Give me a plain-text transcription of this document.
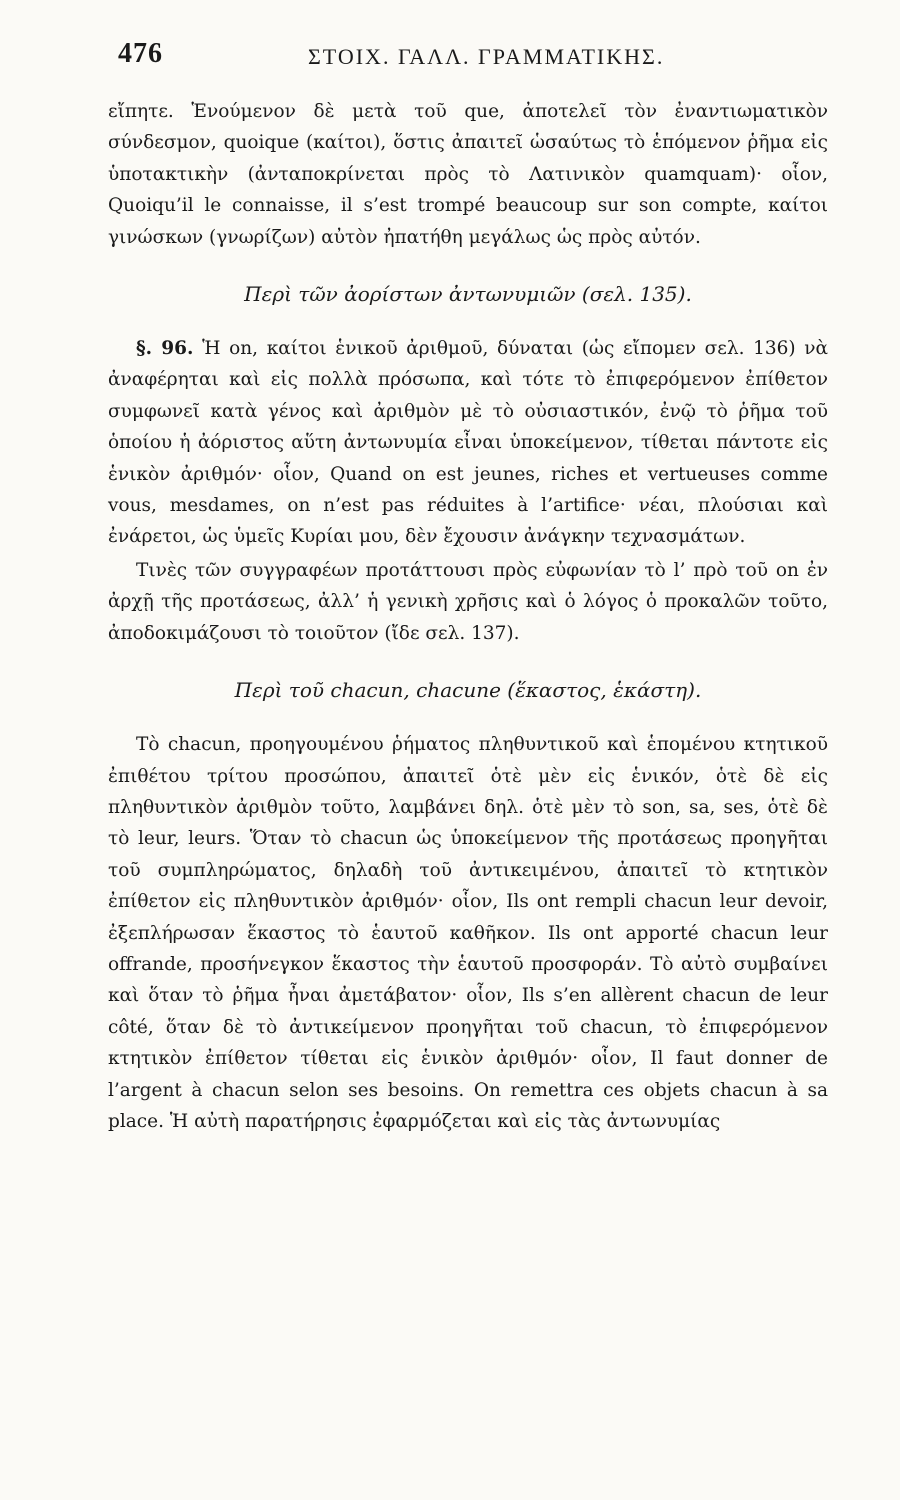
476	ΣΤΟΙΧ. ΓΑΛΛ. ΓΡΑΜΜΑΤΙΚΗΣ.

εἴπητε. Ἑνούμενον δὲ μετὰ τοῦ que, ἀποτελεῖ τὸν ἐναντιωματικὸν σύνδεσμον, quoique (καίτοι), ὅστις ἀπαιτεῖ ὡσαύτως τὸ ἑπόμενον ῥῆμα εἰς ὑποτακτικὴν (ἀνταποκρίνεται πρὸς τὸ Λατινικὸν quamquam)· οἷον, Quoiqu’il le connaisse, il s’est trompé beaucoup sur son compte, καίτοι γινώσκων (γνωρίζων) αὐτὸν ἠπατήθη μεγάλως ὡς πρὸς αὐτόν.

Περὶ τῶν ἀορίστων ἀντωνυμιῶν (σελ. 135).

§. 96. Ἡ on, καίτοι ἑνικοῦ ἀριθμοῦ, δύναται (ὡς εἴπομεν σελ. 136) νὰ ἀναφέρηται καὶ εἰς πολλὰ πρόσωπα, καὶ τότε τὸ ἐπιφερόμενον ἐπίθετον συμφωνεῖ κατὰ γένος καὶ ἀριθμὸν μὲ τὸ οὐσιαστικόν, ἐνῷ τὸ ῥῆμα τοῦ ὁποίου ἡ ἀόριστος αὕτη ἀντωνυμία εἶναι ὑποκείμενον, τίθεται πάντοτε εἰς ἑνικὸν ἀριθμόν· οἷον, Quand on est jeunes, riches et vertueuses comme vous, mesdames, on n’est pas réduites à l’artifice· νέαι, πλούσιαι καὶ ἐνάρετοι, ὡς ὑμεῖς Κυρίαι μου, δὲν ἔχουσιν ἀνάγκην τεχνασμάτων.

Τινὲς τῶν συγγραφέων προτάττουσι πρὸς εὐφωνίαν τὸ l’ πρὸ τοῦ on ἐν ἀρχῇ τῆς προτάσεως, ἀλλ’ ἡ γενικὴ χρῆσις καὶ ὁ λόγος ὁ προκαλῶν τοῦτο, ἀποδοκιμάζουσι τὸ τοιοῦτον (ἴδε σελ. 137).

Περὶ τοῦ chacun, chacune (ἕκαστος, ἑκάστη).

Τὸ chacun, προηγουμένου ῥήματος πληθυντικοῦ καὶ ἑπομένου κτητικοῦ ἐπιθέτου τρίτου προσώπου, ἀπαιτεῖ ὁτὲ μὲν εἰς ἑνικόν, ὁτὲ δὲ εἰς πληθυντικὸν ἀριθμὸν τοῦτο, λαμβάνει δηλ. ὁτὲ μὲν τὸ son, sa, ses, ὁτὲ δὲ τὸ leur, leurs. Ὅταν τὸ chacun ὡς ὑποκείμενον τῆς προτάσεως προηγῆται τοῦ συμπληρώματος, δηλαδὴ τοῦ ἀντικειμένου, ἀπαιτεῖ τὸ κτητικὸν ἐπίθετον εἰς πληθυντικὸν ἀριθμόν· οἷον, Ils ont rempli chacun leur devoir, ἐξεπλήρωσαν ἕκαστος τὸ ἑαυτοῦ καθῆκον. Ils ont apporté chacun leur offrande, προσήνεγκον ἕκαστος τὴν ἑαυτοῦ προσφοράν. Τὸ αὐτὸ συμβαίνει καὶ ὅταν τὸ ῥῆμα ἦναι ἀμετάβατον· οἷον, Ils s’en allèrent chacun de leur côté, ὅταν δὲ τὸ ἀντικείμενον προηγῆται τοῦ chacun, τὸ ἐπιφερόμενον κτητικὸν ἐπίθετον τίθεται εἰς ἑνικὸν ἀριθμόν· οἷον, Il faut donner de l’argent à chacun selon ses besoins. On remettra ces objets chacun à sa place. Ἡ αὐτὴ παρατήρησις ἐφαρμόζεται καὶ εἰς τὰς ἀντωνυμίας
